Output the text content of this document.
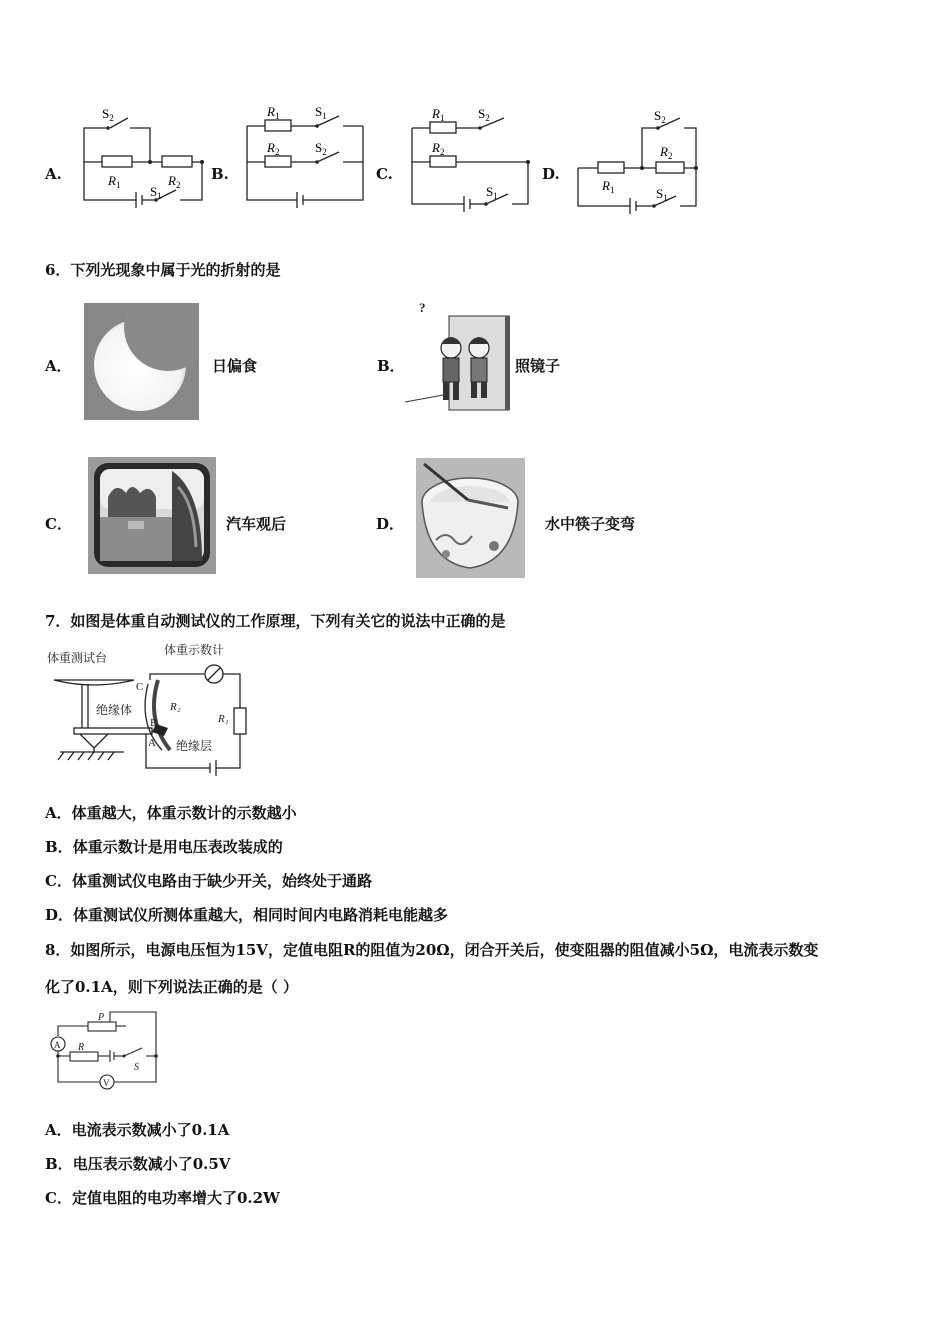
A.
$S_2$
$R_1$	$R_2$
$S_1$
B.
$R_1$	$S_1$
$R_2$	$S_2$
C.
$R_1$	$S_2$
$R_2$
$S_1$
D.
$S_2$
$R_2$
$R_1$	$S_1$
6．下列光现象中属于光的折射的是
A．	日偏食	B．
?
照镜子
C．	汽车观后	D．	水中筷子变弯
7．如图是体重自动测试仪的工作原理，下列有关它的说法中正确的是
体重测试台
体重示数计
绝缘体
绝缘层
C
B
A
R₂
R₁
A．体重越大，体重示数计的示数越小
B．体重示数计是用电压表改装成的
C．体重测试仪电路由于缺少开关，始终处于通路
D．体重测试仪所测体重越大，相同时间内电路消耗电能越多
8．如图所示，电源电压恒为15V，定值电阻R的阻值为20Ω，闭合开关后，使变阻器的阻值减小5Ω，电流表示数变
化了0.1A，则下列说法正确的是（ ）
P
A R
S
V
A．电流表示数减小了0.1A
B．电压表示数减小了0.5V
C．定值电阻的电功率增大了0.2W
